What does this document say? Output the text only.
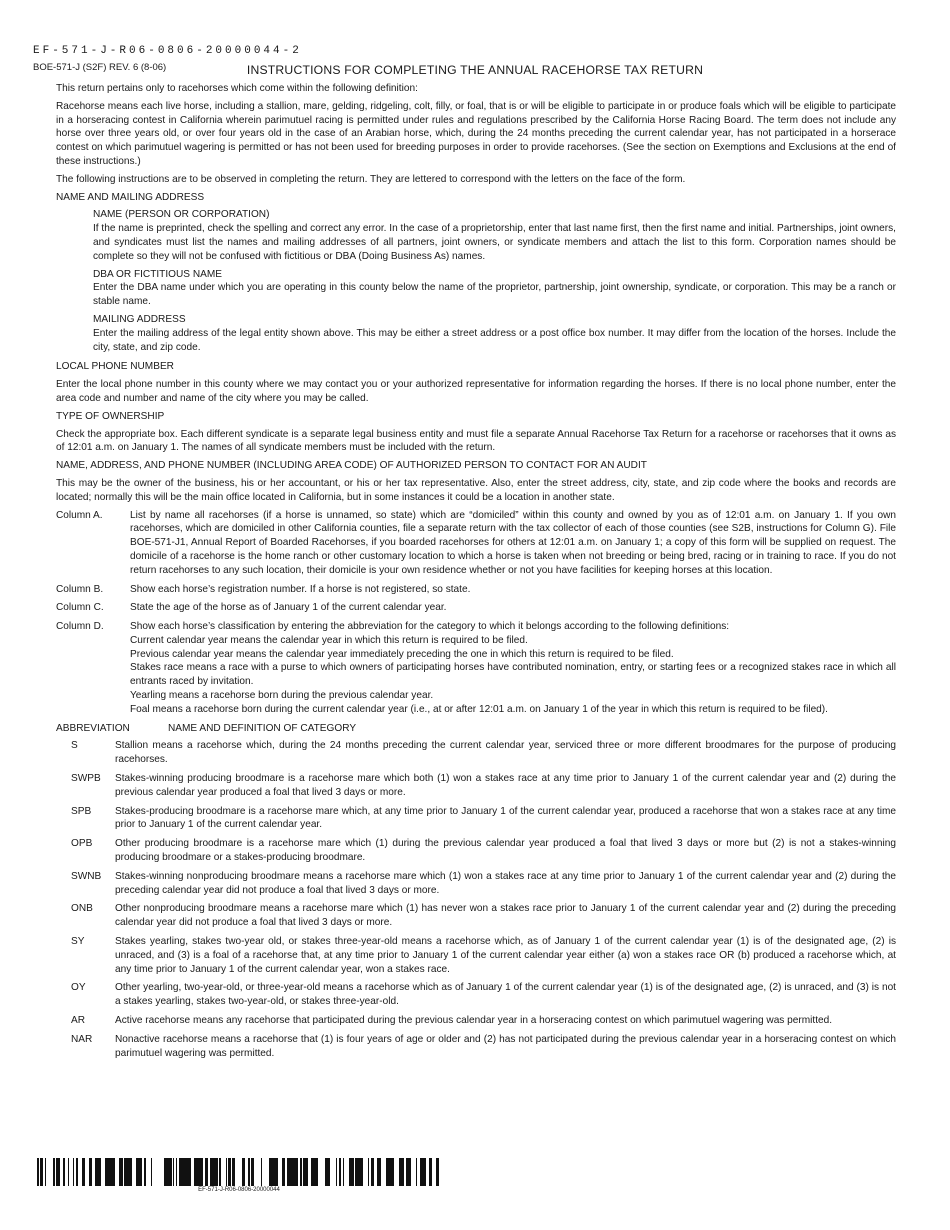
EF-571-J-R06-0806-20000044-2
BOE-571-J (S2F) REV. 6 (8-06)	INSTRUCTIONS FOR COMPLETING THE ANNUAL RACEHORSE TAX RETURN

This return pertains only to racehorses which come within the following definition:

Racehorse means each live horse, including a stallion, mare, gelding, ridgeling, colt, filly, or foal, that is or will be eligible to participate in or produce foals which will be eligible to participate in a horseracing contest in California wherein parimutuel racing is permitted under rules and regulations prescribed by the California Horse Racing Board. The term does not include any horse over three years old, or over four years old in the case of an Arabian horse, which, during the 24 months preceding the current calendar year, has not participated in a horserace contest on which parimutuel wagering is permitted or has not been used for breeding purposes in order to provide racehorses. (See the section on Exemptions and Exclusions at the end of these instructions.)

The following instructions are to be observed in completing the return. They are lettered to correspond with the letters on the face of the form.

NAME AND MAILING ADDRESS
NAME (PERSON OR CORPORATION)

If the name is preprinted, check the spelling and correct any error. In the case of a proprietorship, enter that last name first, then the first name and initial. Partnerships, joint owners, and syndicates must list the names and mailing addresses of all partners, joint owners, or syndicate members and attach the list to this form. Corporation names should be complete so they will not be confused with fictitious or DBA (Doing Business As) names.

DBA OR FICTITIOUS NAME

Enter the DBA name under which you are operating in this county below the name of the proprietor, partnership, joint ownership, syndicate, or corporation. This may be a ranch or stable name.

MAILING ADDRESS

Enter the mailing address of the legal entity shown above. This may be either a street address or a post office box number. It may differ from the location of the horses. Include the city, state, and zip code.

LOCAL PHONE NUMBER

Enter the local phone number in this county where we may contact you or your authorized representative for information regarding the horses. If there is no local phone number, enter the area code and number and name of the city where you may be called.

TYPE OF OWNERSHIP

Check the appropriate box. Each different syndicate is a separate legal business entity and must file a separate Annual Racehorse Tax Return for a racehorse or racehorses that it owns as of 12:01 a.m. on January 1. The names of all syndicate members must be included with the return.

NAME, ADDRESS, AND PHONE NUMBER (INCLUDING AREA CODE) OF AUTHORIZED PERSON TO CONTACT FOR AN AUDIT

This may be the owner of the business, his or her accountant, or his or her tax representative. Also, enter the street address, city, state, and zip code where the books and records are located; normally this will be the main office located in California, but in some instances it could be a location in another state.

Column A.	List by name all racehorses (if a horse is unnamed, so state) which are “domiciled” within this county and owned by you as of 12:01 a.m. on January 1. If you own racehorses, which are domiciled in other California counties, file a separate return with the tax collector of each of those counties (see S2B, instructions for Column G). File BOE-571-J1, Annual Report of Boarded Racehorses, if you boarded racehorses for others at 12:01 a.m. on January 1; a copy of this form will be supplied on request. The domicile of a racehorse is the home ranch or other customary location to which a horse is taken when not breeding or being bred, racing or in training to race. If you do not return racehorses to any such location, their domicile is your own residence whether or not you have facilities for keeping horses at this location.
Column B.	Show each horse’s registration number. If a horse is not registered, so state.
Column C.	State the age of the horse as of January 1 of the current calendar year.
Column D.	Show each horse’s classification by entering the abbreviation for the category to which it belongs according to the following definitions:
Current calendar year means the calendar year in which this return is required to be filed.
Previous calendar year means the calendar year immediately preceding the one in which this return is required to be filed.
Stakes race means a race with a purse to which owners of participating horses have contributed nomination, entry, or starting fees or a recognized stakes race in which all entrants raced by invitation.
Yearling means a racehorse born during the previous calendar year.
Foal means a racehorse born during the current calendar year (i.e., at or after 12:01 a.m. on January 1 of the year in which this return is required to be filed).
ABBREVIATION	NAME AND DEFINITION OF CATEGORY
S	Stallion means a racehorse which, during the 24 months preceding the current calendar year, serviced three or more different broodmares for the purpose of producing racehorses.
SWPB	Stakes-winning producing broodmare is a racehorse mare which both (1) won a stakes race at any time prior to January 1 of the current calendar year and (2) during the previous calendar year produced a foal that lived 3 days or more.
SPB	Stakes-producing broodmare is a racehorse mare which, at any time prior to January 1 of the current calendar year, produced a racehorse that won a stakes race at any time prior to January 1 of the current calendar year.
OPB	Other producing broodmare is a racehorse mare which (1) during the previous calendar year produced a foal that lived 3 days or more but (2) is not a stakes-winning producing broodmare or a stakes-producing broodmare.
SWNB	Stakes-winning nonproducing broodmare means a racehorse mare which (1) won a stakes race at any time prior to January 1 of the current calendar year and (2) during the preceding calendar year did not produce a foal that lived 3 days or more.
ONB	Other nonproducing broodmare means a racehorse mare which (1) has never won a stakes race prior to January 1 of the current calendar year and (2) during the preceding calendar year did not produce a foal that lived 3 days or more.
SY	Stakes yearling, stakes two-year old, or stakes three-year-old means a racehorse which, as of January 1 of the current calendar year (1) is of the designated age, (2) is unraced, and (3) is a foal of a racehorse that, at any time prior to January 1 of the current calendar year either (a) won a stakes race OR (b) produced a racehorse which, at any time prior to January 1 of the current calendar year, won a stakes race.
OY	Other yearling, two-year-old, or three-year-old means a racehorse which as of January 1 of the current calendar year (1) is of the designated age, (2) is unraced, and (3) is not a stakes yearling, stakes two-year-old, or stakes three-year-old.
AR	Active racehorse means any racehorse that participated during the previous calendar year in a horseracing contest on which parimutuel wagering was permitted.
NAR	Nonactive racehorse means a racehorse that (1) is four years of age or older and (2) has not participated during the previous calendar year in a horseracing contest on which parimutuel wagering was permitted.
EF-571-J-R06-0806-20000044
